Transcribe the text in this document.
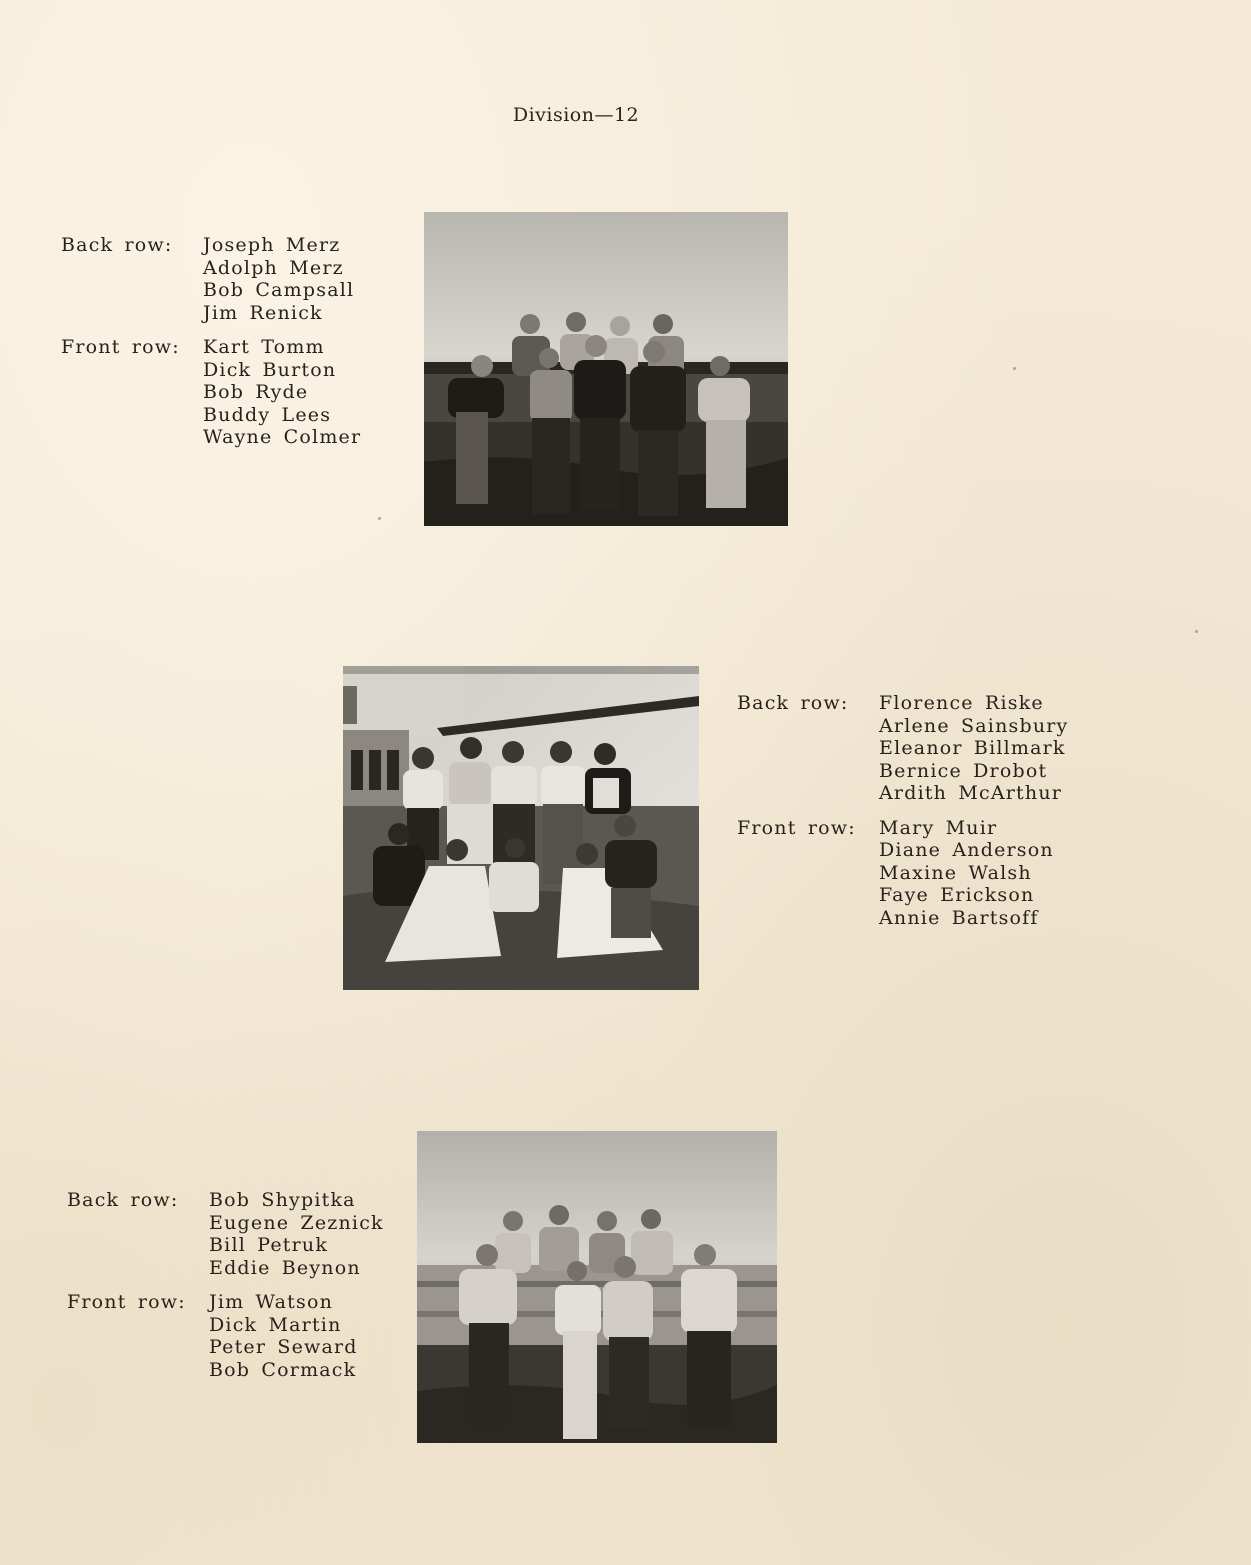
Division—12
Back row:	Joseph Merz
Adolph Merz
Bob Campsall
Jim Renick
Front row:	Kart Tomm
Dick Burton
Bob Ryde
Buddy Lees
Wayne Colmer
Back row:	Florence Riske
Arlene Sainsbury
Eleanor Billmark
Bernice Drobot
Ardith McArthur
Front row:	Mary Muir
Diane Anderson
Maxine Walsh
Faye Erickson
Annie Bartsoff
Back row:	Bob Shypitka
Eugene Zeznick
Bill Petruk
Eddie Beynon
Front row:	Jim Watson
Dick Martin
Peter Seward
Bob Cormack
